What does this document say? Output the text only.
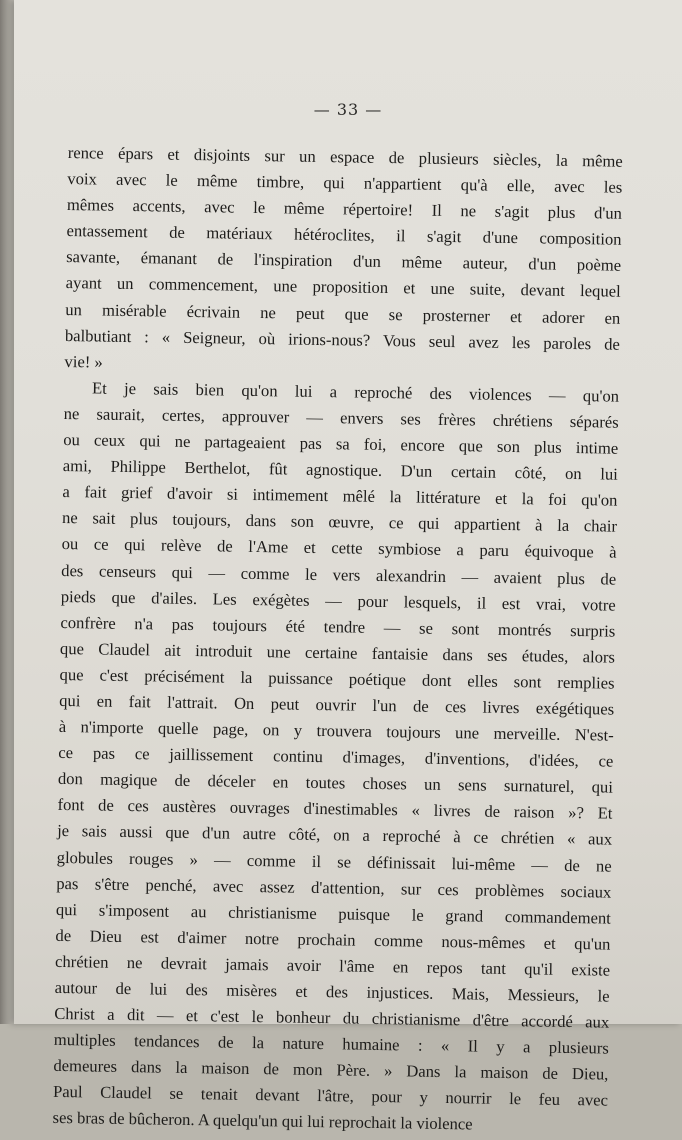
— 33 —
rence épars et disjoints sur un espace de plusieurs siècles, la même
voix avec le même timbre, qui n'appartient qu'à elle, avec les
mêmes accents, avec le même répertoire! Il ne s'agit plus d'un
entassement de matériaux hétéroclites, il s'agit d'une composition
savante, émanant de l'inspiration d'un même auteur, d'un poème
ayant un commencement, une proposition et une suite, devant lequel
un misérable écrivain ne peut que se prosterner et adorer en
balbutiant : « Seigneur, où irions-nous? Vous seul avez les paroles de
vie! »
Et je sais bien qu'on lui a reproché des violences — qu'on
ne saurait, certes, approuver — envers ses frères chrétiens séparés
ou ceux qui ne partageaient pas sa foi, encore que son plus intime
ami, Philippe Berthelot, fût agnostique. D'un certain côté, on lui
a fait grief d'avoir si intimement mêlé la littérature et la foi qu'on
ne sait plus toujours, dans son œuvre, ce qui appartient à la chair
ou ce qui relève de l'Ame et cette symbiose a paru équivoque à
des censeurs qui — comme le vers alexandrin — avaient plus de
pieds que d'ailes. Les exégètes — pour lesquels, il est vrai, votre
confrère n'a pas toujours été tendre — se sont montrés surpris
que Claudel ait introduit une certaine fantaisie dans ses études, alors
que c'est précisément la puissance poétique dont elles sont remplies
qui en fait l'attrait. On peut ouvrir l'un de ces livres exégétiques
à n'importe quelle page, on y trouvera toujours une merveille. N'est-
ce pas ce jaillissement continu d'images, d'inventions, d'idées, ce
don magique de déceler en toutes choses un sens surnaturel, qui
font de ces austères ouvrages d'inestimables « livres de raison »? Et
je sais aussi que d'un autre côté, on a reproché à ce chrétien « aux
globules rouges » — comme il se définissait lui-même — de ne
pas s'être penché, avec assez d'attention, sur ces problèmes sociaux
qui s'imposent au christianisme puisque le grand commandement
de Dieu est d'aimer notre prochain comme nous-mêmes et qu'un
chrétien ne devrait jamais avoir l'âme en repos tant qu'il existe
autour de lui des misères et des injustices. Mais, Messieurs, le
Christ a dit — et c'est le bonheur du christianisme d'être accordé aux
multiples tendances de la nature humaine : « Il y a plusieurs
demeures dans la maison de mon Père. » Dans la maison de Dieu,
Paul Claudel se tenait devant l'âtre, pour y nourrir le feu avec
ses bras de bûcheron. A quelqu'un qui lui reprochait la violence
